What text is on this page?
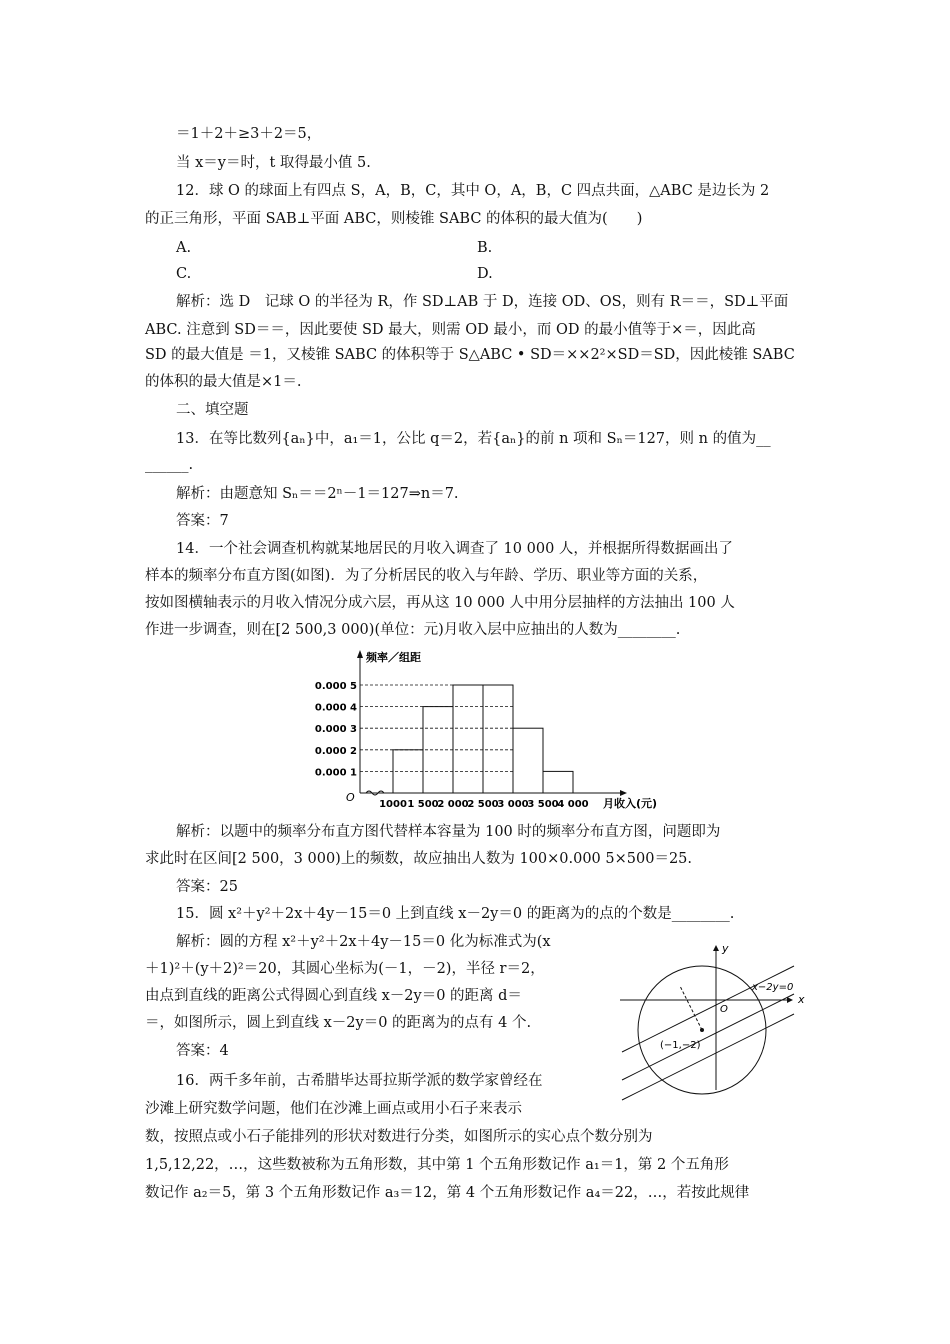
＝1＋2＋≥3＋2＝5，
当 x＝y＝时，t 取得最小值 5.
12．球 O 的球面上有四点 S，A，B，C，其中 O，A，B，C 四点共面，△ABC 是边长为 2
的正三角形，平面 SAB⊥平面 ABC，则棱锥 SABC 的体积的最大值为(　　)
A.	B.
C.	D.
解析：选 D　记球 O 的半径为 R，作 SD⊥AB 于 D，连接 OD、OS，则有 R＝＝，SD⊥平面
ABC. 注意到 SD＝＝，因此要使 SD 最大，则需 OD 最小，而 OD 的最小值等于×＝，因此高
SD 的最大值是 ＝1，又棱锥 SABC 的体积等于 S△ABC • SD＝××2²×SD＝SD，因此棱锥 SABC
的体积的最大值是×1＝.
二、填空题
13．在等比数列{aₙ}中，a₁＝1，公比 q＝2，若{aₙ}的前 n 项和 Sₙ＝127，则 n 的值为__
______.
解析：由题意知 Sₙ＝＝2ⁿ－1＝127⇒n＝7.
答案：7
14．一个社会调查机构就某地居民的月收入调查了 10 000 人，并根据所得数据画出了
样本的频率分布直方图(如图)．为了分析居民的收入与年龄、学历、职业等方面的关系，
按如图横轴表示的月收入情况分成六层，再从这 10 000 人中用分层抽样的方法抽出 100 人
作进一步调查，则在[2 500,3 000)(单位：元)月收入层中应抽出的人数为________.
0.000 1
0.000 2
0.000 3
0.000 4
0.000 5
1000 1 500
2 000
2 500
3 000
3 500
4 000
O
频率／组距
月收入(元)
解析：以题中的频率分布直方图代替样本容量为 100 时的频率分布直方图，问题即为
求此时在区间[2 500，3 000)上的频数，故应抽出人数为 100×0.000 5×500＝25.
答案：25
15．圆 x²＋y²＋2x＋4y－15＝0 上到直线 x－2y＝0 的距离为的点的个数是________.
解析：圆的方程 x²＋y²＋2x＋4y－15＝0 化为标准式为(x
＋1)²＋(y＋2)²＝20，其圆心坐标为(－1，－2)，半径 r＝2，
由点到直线的距离公式得圆心到直线 x－2y＝0 的距离 d＝
＝，如图所示，圆上到直线 x－2y＝0 的距离为的点有 4 个.
答案：4
x
y
O
(−1,−2)
x−2y=0
16．两千多年前，古希腊毕达哥拉斯学派的数学家曾经在
沙滩上研究数学问题，他们在沙滩上画点或用小石子来表示
数，按照点或小石子能排列的形状对数进行分类，如图所示的实心点个数分别为
1,5,12,22，…，这些数被称为五角形数，其中第 1 个五角形数记作 a₁＝1，第 2 个五角形
数记作 a₂＝5，第 3 个五角形数记作 a₃＝12，第 4 个五角形数记作 a₄＝22，…，若按此规律
